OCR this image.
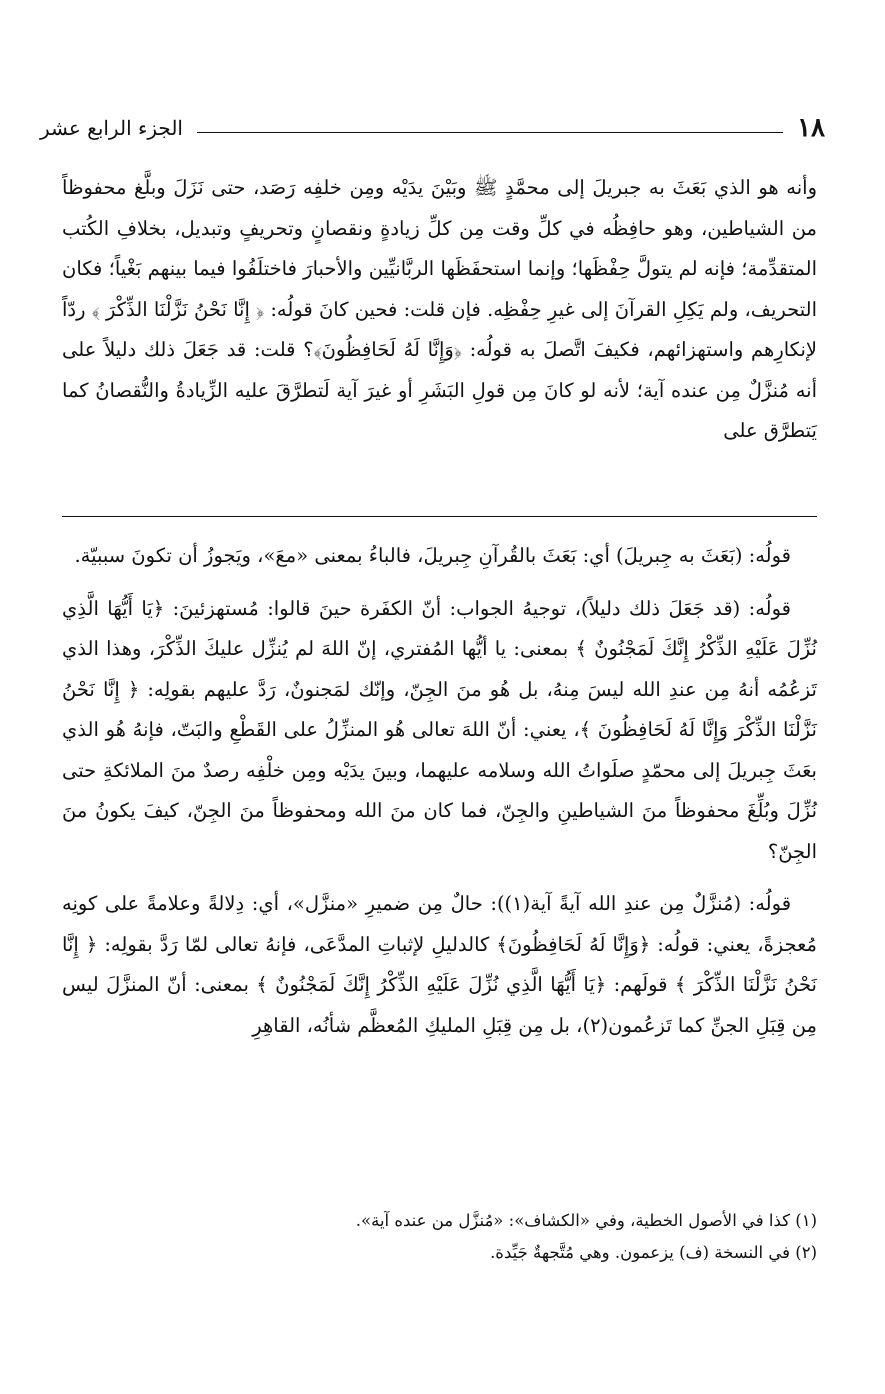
١٨
الجزء الرابع عشر

وأنه هو الذي بَعَثَ به جبريلَ إلى محمَّدٍ ﷺ وبَيْنَ يدَيْه ومِن خلفِه رَصَد، حتى نَزَلَ وبلَّغ محفوظاً من الشياطين، وهو حافِظُه في كلِّ وقت مِن كلِّ زيادةٍ ونقصانٍ وتحريفٍ وتبديل، بخلافِ الكُتب المتقدِّمة؛ فإنه لم يتولَّ حِفْظَها؛ وإنما استحفَظَها الربَّانيِّين والأحبارَ فاختلَفُوا فيما بينهم بَغْياً؛ فكان التحريف، ولم يَكِلِ القرآنَ إلى غيرِ حِفْظِه. فإن قلت: فحين كانَ قولُه: ﴿ إِنَّا نَحْنُ نَزَّلْنَا الذِّكْرَ ﴾ ردّاً لإنكارِهم واستهزائهم، فكيفَ اتَّصلَ به قولُه: ﴿وَإِنَّا لَهُ لَحَافِظُونَ﴾؟ قلت: قد جَعَلَ ذلك دليلاً على أنه مُنزَّلٌ مِن عنده آية؛ لأنه لو كانَ مِن قولِ البَشَرِ أو غيرَ آية لَتطرَّقَ عليه الزِّيادةُ والنُّقصانُ كما يَتطرَّق على

قولُه: (بَعَثَ به جِبريلَ) أي: بَعَثَ بالقُرآنِ جِبريلَ، فالباءُ بمعنى «معَ»، ويَجوزُ أن تكونَ سببيّة.

قولُه: (قد جَعَلَ ذلك دليلاً)، توجيهُ الجواب: أنّ الكفَرة حينَ قالوا: مُستهزئينَ: ﴿يَا أَيُّهَا الَّذِي نُزِّلَ عَلَيْهِ الذِّكْرُ إِنَّكَ لَمَجْنُونٌ ﴾ بمعنى: يا أيُّها المُفتري، إنّ اللهَ لم يُنزِّل عليكَ الذِّكْرَ، وهذا الذي تَزعُمُه أنهُ مِن عندِ الله ليسَ مِنهُ، بل هُو منَ الجِنّ، وإنّك لمَجنونٌ، رَدَّ عليهم بقولِه: ﴿ إِنَّا نَحْنُ نَزَّلْنَا الذِّكْرَ وَإِنَّا لَهُ لَحَافِظُونَ ﴾، يعني: أنّ اللهَ تعالى هُو المنزِّلُ على القَطْعِ والبَتّ، فإنهُ هُو الذي بعَثَ جِبريلَ إلى محمّدٍ صلَواتُ الله وسلامه عليهما، وبينَ يدَيْه ومِن خلْفِه رصدٌ منَ الملائكةِ حتى نُزِّلَ وبُلِّغَ محفوظاً منَ الشياطينِ والجِنّ، فما كان منَ الله ومحفوظاً منَ الجِنّ، كيفَ يكونُ منَ الجِنّ؟

قولُه: (مُنزَّلٌ مِن عندِ الله آيةً آية(١)): حالٌ مِن ضميرِ «منزَّل»، أي: دِلالةً وعلامةً على كونِه مُعجزةً، يعني: قولُه: ﴿وَإِنَّا لَهُ لَحَافِظُونَ﴾ كالدليلِ لإثباتِ المدَّعَى، فإنهُ تعالى لمّا رَدَّ بقولِه: ﴿ إِنَّا نَحْنُ نَزَّلْنَا الذِّكْرَ ﴾ قولَهم: ﴿يَا أَيُّهَا الَّذِي نُزِّلَ عَلَيْهِ الذِّكْرُ إِنَّكَ لَمَجْنُونٌ ﴾ بمعنى: أنّ المنزَّلَ ليس مِن قِبَلِ الجنِّ كما تَزعُمون(٢)، بل مِن قِبَلِ المليكِ المُعظَّم شأنُه، القاهِرِ

(١) كذا في الأصول الخطية، وفي «الكشاف»: «مُنزَّل من عنده آية».

(٢) في النسخة (ف) يزعمون. وهي مُتَّجهةٌ جَيِّدة.
